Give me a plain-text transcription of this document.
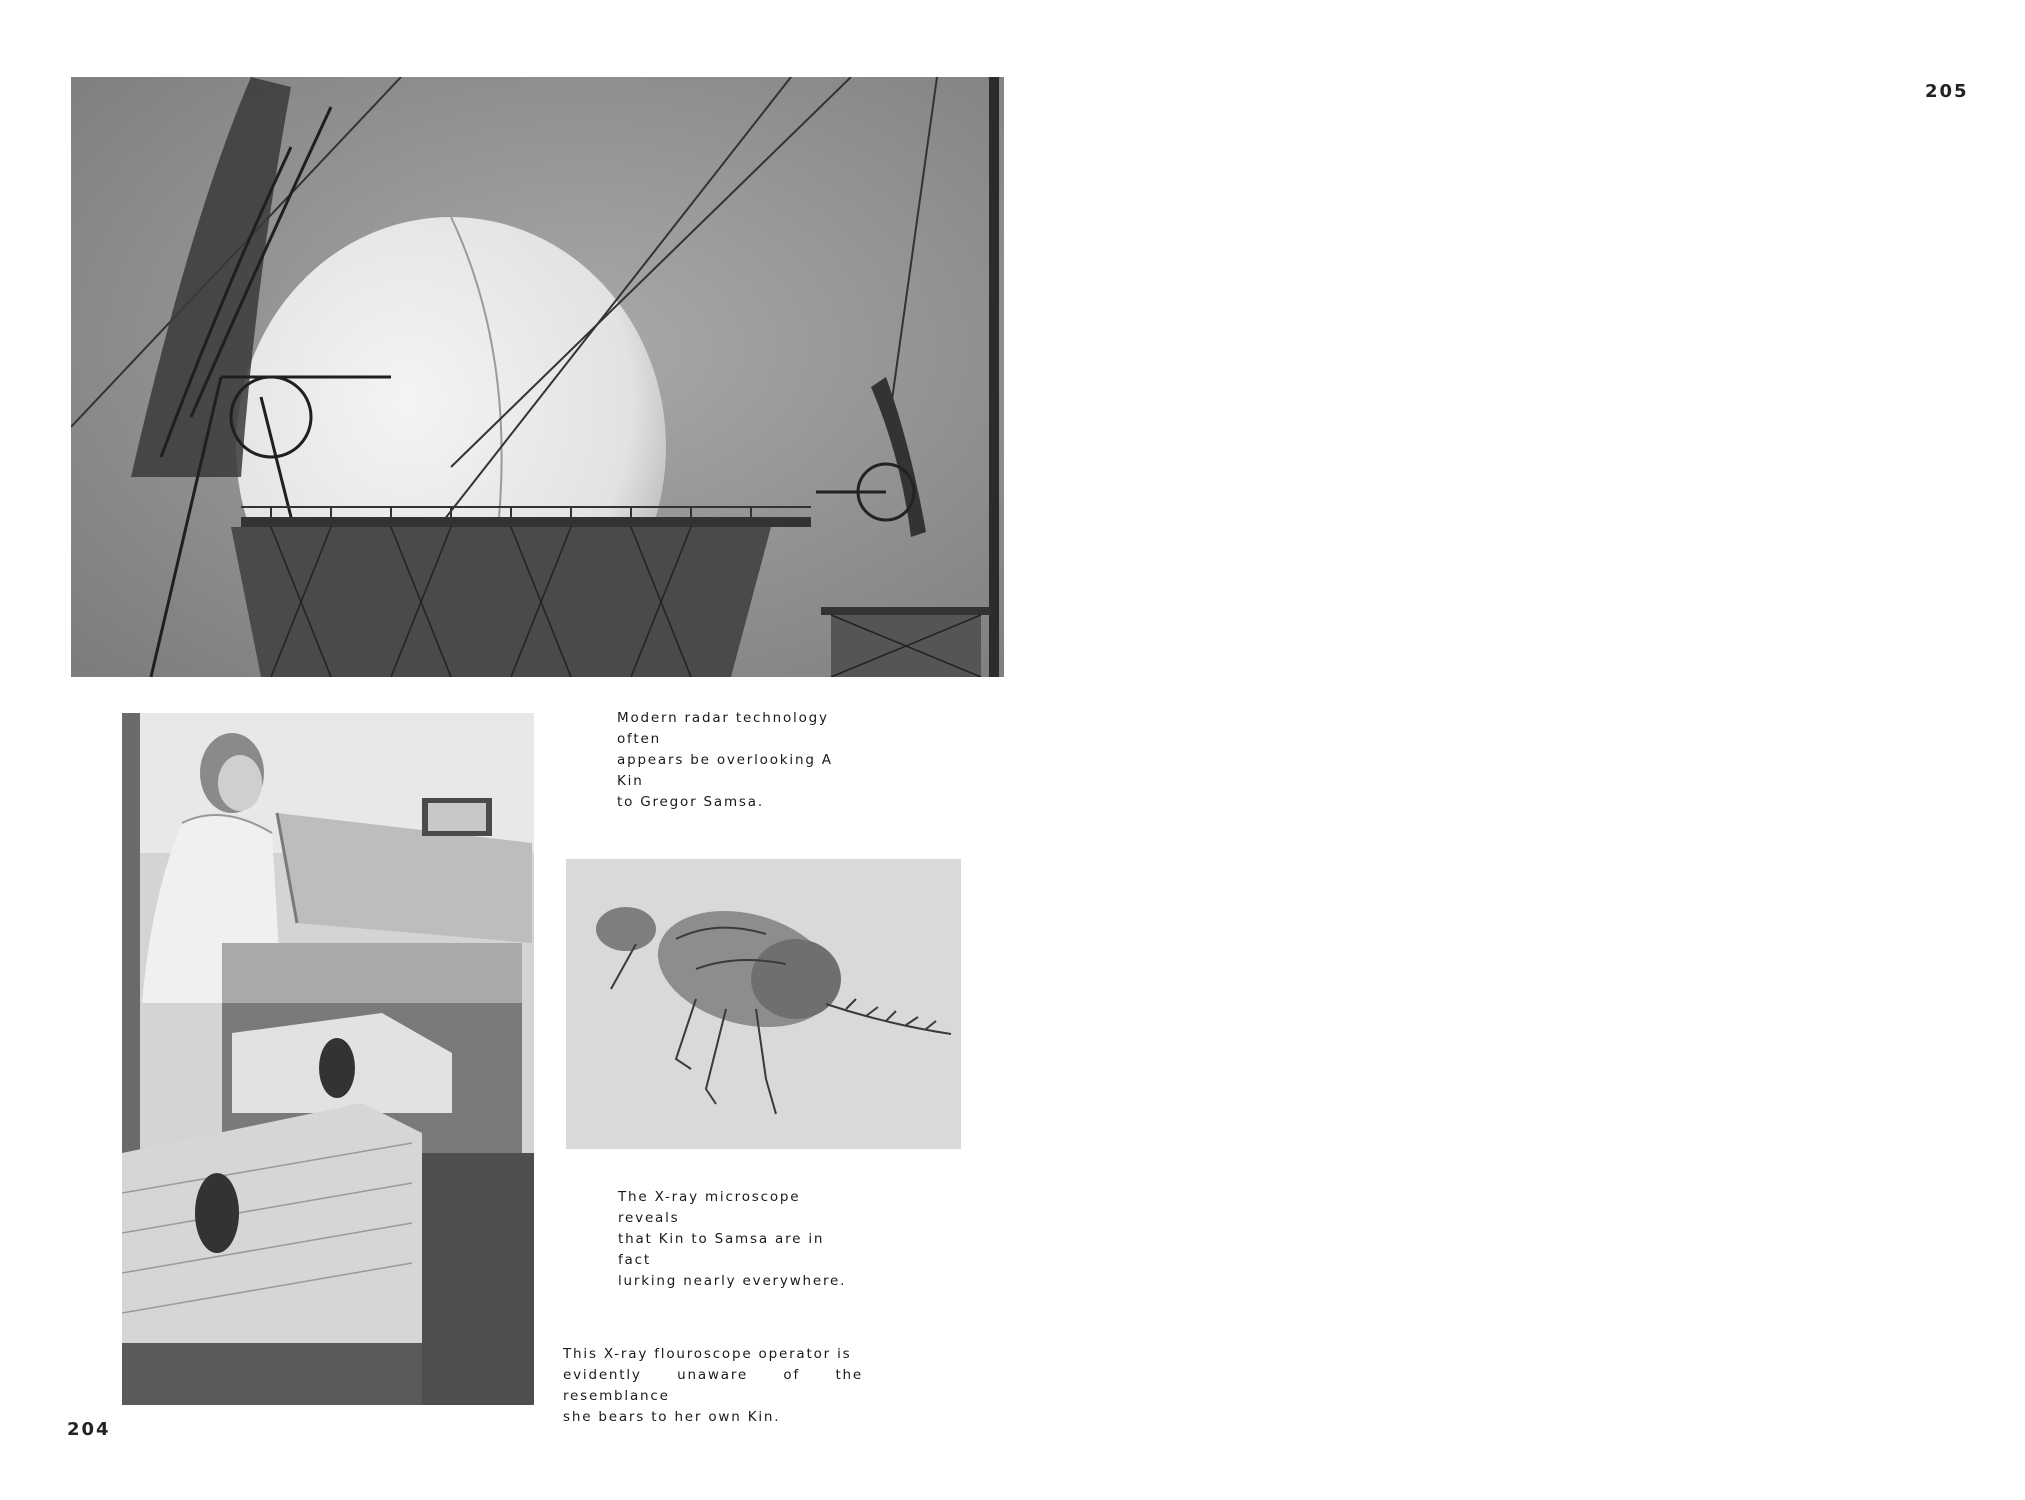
Modern radar technology often
appears be overlooking A Kin
to Gregor Samsa.
The X-ray microscope reveals
that Kin to Samsa are in fact
lurking nearly everywhere.
This X-ray flouroscope operator is
evidently unaware of the resemblance
she bears to her own Kin.
204
205
